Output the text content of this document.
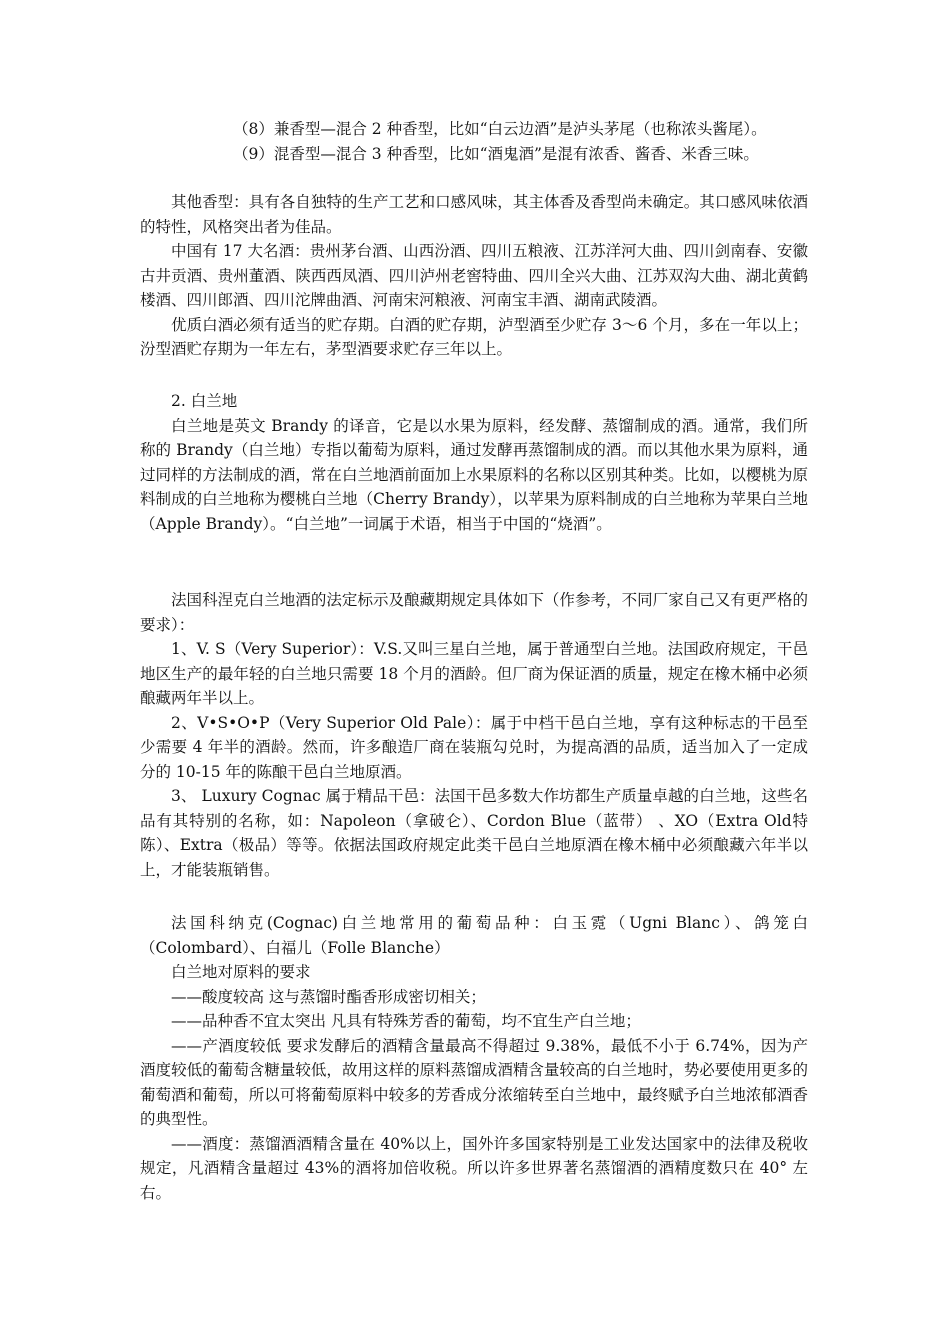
（8）兼香型—混合 2 种香型，比如“白云边酒”是泸头茅尾（也称浓头酱尾）。

（9）混香型—混合 3 种香型，比如“酒鬼酒”是混有浓香、酱香、米香三味。

其他香型：具有各自独特的生产工艺和口感风味，其主体香及香型尚未确定。其口感风味依酒的特性，风格突出者为佳品。

中国有 17 大名酒：贵州茅台酒、山西汾酒、四川五粮液、江苏洋河大曲、四川剑南春、安徽古井贡酒、贵州董酒、陕西西凤酒、四川泸州老窖特曲、四川全兴大曲、江苏双沟大曲、湖北黄鹤楼酒、四川郎酒、四川沱牌曲酒、河南宋河粮液、河南宝丰酒、湖南武陵酒。

优质白酒必须有适当的贮存期。白酒的贮存期，泸型酒至少贮存 3～6 个月，多在一年以上；汾型酒贮存期为一年左右，茅型酒要求贮存三年以上。

2. 白兰地

白兰地是英文 Brandy 的译音，它是以水果为原料，经发酵、蒸馏制成的酒。通常，我们所称的 Brandy（白兰地）专指以葡萄为原料，通过发酵再蒸馏制成的酒。而以其他水果为原料，通过同样的方法制成的酒，常在白兰地酒前面加上水果原料的名称以区别其种类。比如，以樱桃为原料制成的白兰地称为樱桃白兰地（Cherry Brandy），以苹果为原料制成的白兰地称为苹果白兰地（Apple Brandy）。“白兰地”一词属于术语，相当于中国的“烧酒”。

法国科涅克白兰地酒的法定标示及酿藏期规定具体如下（作参考，不同厂家自己又有更严格的要求）：

1、V. S（Very Superior）：V.S.又叫三星白兰地，属于普通型白兰地。法国政府规定，干邑地区生产的最年轻的白兰地只需要 18 个月的酒龄。但厂商为保证酒的质量，规定在橡木桶中必须酿藏两年半以上。

2、V•S•O•P（Very Superior Old Pale）：属于中档干邑白兰地，享有这种标志的干邑至少需要 4 年半的酒龄。然而，许多酿造厂商在装瓶勾兑时，为提高酒的品质，适当加入了一定成分的 10-15 年的陈酿干邑白兰地原酒。

3、 Luxury Cognac 属于精品干邑：法国干邑多数大作坊都生产质量卓越的白兰地，这些名品有其特别的名称，如：Napoleon（拿破仑）、Cordon Blue（蓝带） 、XO（Extra Old特陈）、Extra（极品）等等。依据法国政府规定此类干邑白兰地原酒在橡木桶中必须酿藏六年半以上，才能装瓶销售。

法国科纳克(Cognac)白兰地常用的葡萄品种：白玉霓（Ugni Blanc）、鸽笼白（Colombard）、白福儿（Folle Blanche）

白兰地对原料的要求

——酸度较高 这与蒸馏时酯香形成密切相关；

——品种香不宜太突出 凡具有特殊芳香的葡萄，均不宜生产白兰地；

——产酒度较低 要求发酵后的酒精含量最高不得超过 9.38%，最低不小于 6.74%，因为产酒度较低的葡萄含糖量较低，故用这样的原料蒸馏成酒精含量较高的白兰地时，势必要使用更多的葡萄酒和葡萄，所以可将葡萄原料中较多的芳香成分浓缩转至白兰地中，最终赋予白兰地浓郁酒香的典型性。

——酒度：蒸馏酒酒精含量在 40%以上，国外许多国家特别是工业发达国家中的法律及税收规定，凡酒精含量超过 43%的酒将加倍收税。所以许多世界著名蒸馏酒的酒精度数只在 40° 左右。
